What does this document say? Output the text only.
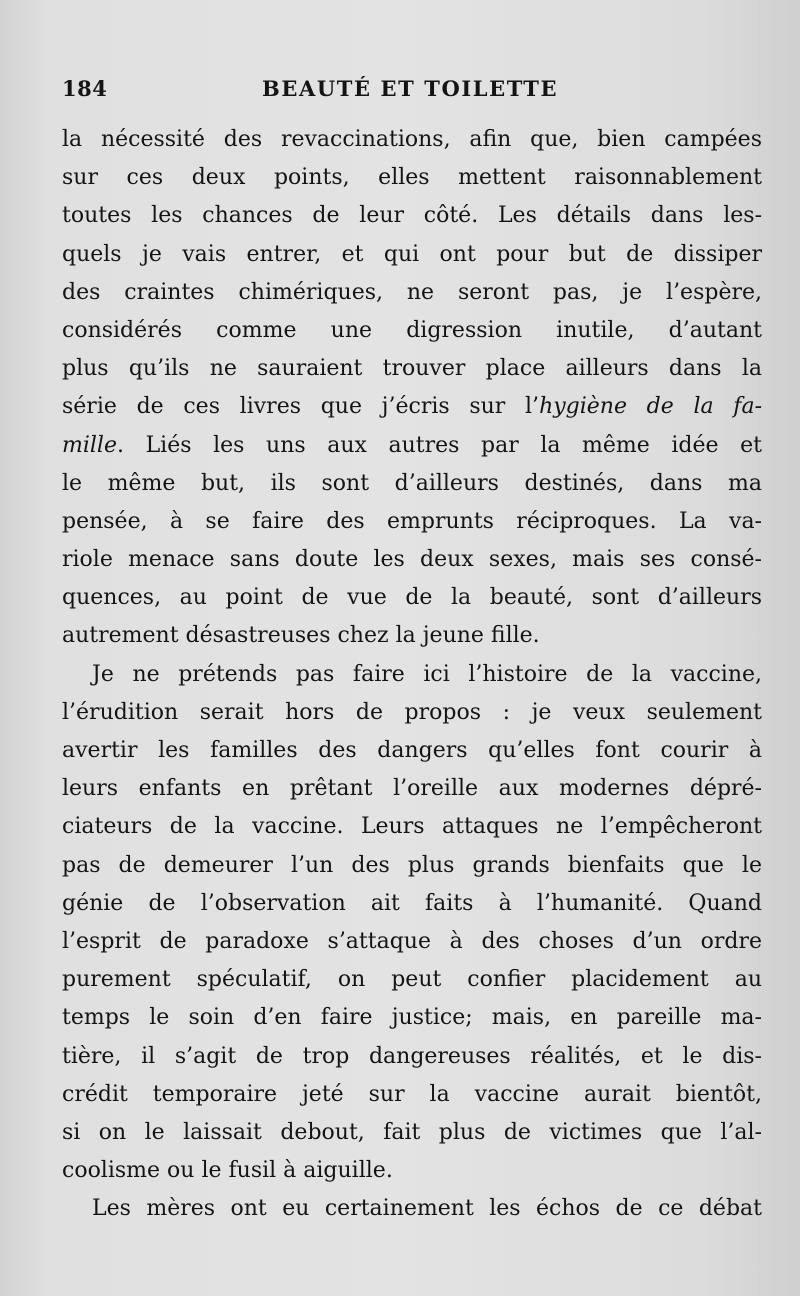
184	BEAUTÉ ET TOILETTE
la nécessité des revaccinations, afin que, bien campées
sur ces deux points, elles mettent raisonnablement
toutes les chances de leur côté. Les détails dans les-
quels je vais entrer, et qui ont pour but de dissiper
des craintes chimériques, ne seront pas, je l’espère,
considérés comme une digression inutile, d’autant
plus qu’ils ne sauraient trouver place ailleurs dans la
série de ces livres que j’écris sur l’hygiène de la fa-
mille. Liés les uns aux autres par la même idée et
le même but, ils sont d’ailleurs destinés, dans ma
pensée, à se faire des emprunts réciproques. La va-
riole menace sans doute les deux sexes, mais ses consé-
quences, au point de vue de la beauté, sont d’ailleurs
autrement désastreuses chez la jeune fille.
Je ne prétends pas faire ici l’histoire de la vaccine,
l’érudition serait hors de propos : je veux seulement
avertir les familles des dangers qu’elles font courir à
leurs enfants en prêtant l’oreille aux modernes dépré-
ciateurs de la vaccine. Leurs attaques ne l’empêcheront
pas de demeurer l’un des plus grands bienfaits que le
génie de l’observation ait faits à l’humanité. Quand
l’esprit de paradoxe s’attaque à des choses d’un ordre
purement spéculatif, on peut confier placidement au
temps le soin d’en faire justice; mais, en pareille ma-
tière, il s’agit de trop dangereuses réalités, et le dis-
crédit temporaire jeté sur la vaccine aurait bientôt,
si on le laissait debout, fait plus de victimes que l’al-
coolisme ou le fusil à aiguille.
Les mères ont eu certainement les échos de ce débat
